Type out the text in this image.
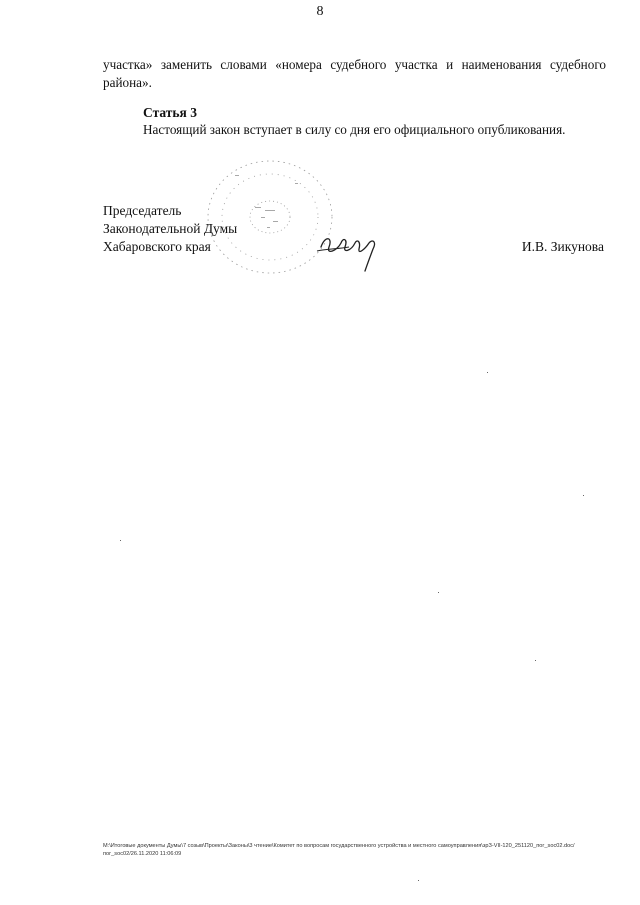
8
участка» заменить словами «номера судебного участка и наименования судебного района».
Статья 3
Настоящий закон вступает в силу со дня его официального опубликования.
Председатель
Законодательной Думы
Хабаровского края	И.В. Зикунова
М:\Итоговые документы Думы\7 созыв\Проекты\Законы\3 чтение\Комитет по вопросам государственного устройства и местного самоуправления\зрЗ-VII-120_251120_пог_ѕос02.doc/пог_ѕос02/26.11.2020 11:06:09
